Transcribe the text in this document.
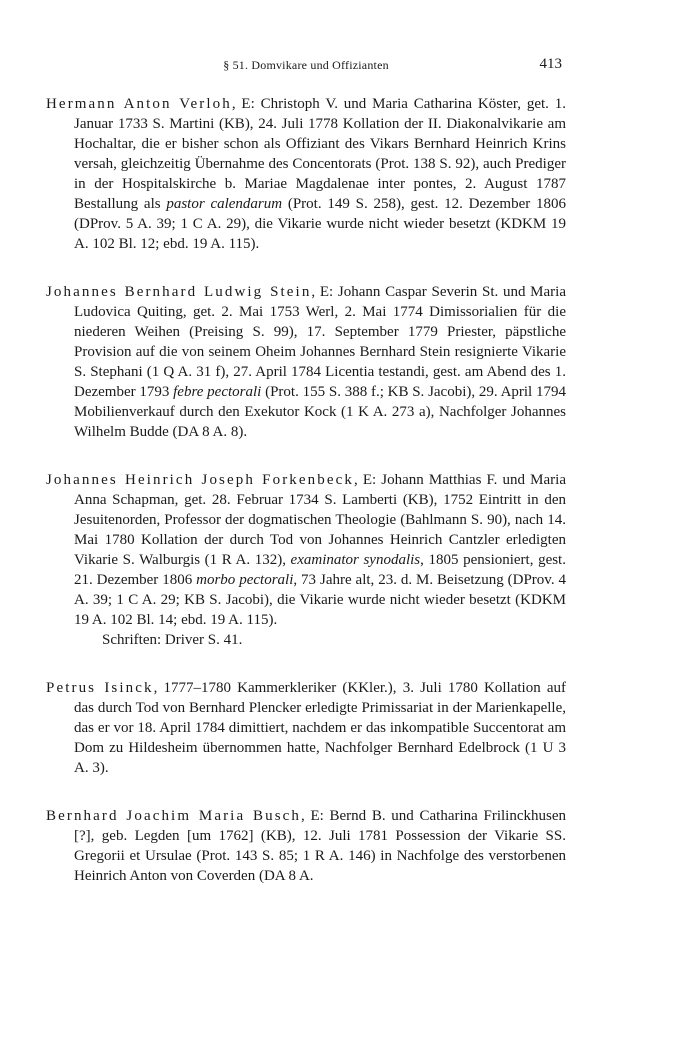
§ 51. Domvikare und Offizianten	413

Hermann Anton Verloh, E: Christoph V. und Maria Catharina Köster, get. 1. Januar 1733 S. Martini (KB), 24. Juli 1778 Kollation der II. Diakonalvikarie am Hochaltar, die er bisher schon als Offiziant des Vikars Bernhard Heinrich Krins versah, gleichzeitig Übernahme des Concentorats (Prot. 138 S. 92), auch Prediger in der Hospitalskirche b. Mariae Magdalenae inter pontes, 2. August 1787 Bestallung als pastor calendarum (Prot. 149 S. 258), gest. 12. Dezember 1806 (DProv. 5 A. 39; 1 C A. 29), die Vikarie wurde nicht wieder besetzt (KDKM 19 A. 102 Bl. 12; ebd. 19 A. 115).

Johannes Bernhard Ludwig Stein, E: Johann Caspar Severin St. und Maria Ludovica Quiting, get. 2. Mai 1753 Werl, 2. Mai 1774 Dimissorialien für die niederen Weihen (Preising S. 99), 17. September 1779 Priester, päpstliche Provision auf die von seinem Oheim Johannes Bernhard Stein resignierte Vikarie S. Stephani (1 Q A. 31 f), 27. April 1784 Licentia testandi, gest. am Abend des 1. Dezember 1793 febre pectorali (Prot. 155 S. 388 f.; KB S. Jacobi), 29. April 1794 Mobilienverkauf durch den Exekutor Kock (1 K A. 273 a), Nachfolger Johannes Wilhelm Budde (DA 8 A. 8).

Johannes Heinrich Joseph Forkenbeck, E: Johann Matthias F. und Maria Anna Schapman, get. 28. Februar 1734 S. Lamberti (KB), 1752 Eintritt in den Jesuitenorden, Professor der dogmatischen Theologie (Bahlmann S. 90), nach 14. Mai 1780 Kollation der durch Tod von Johannes Heinrich Cantzler erledigten Vikarie S. Walburgis (1 R A. 132), examinator synodalis, 1805 pensioniert, gest. 21. Dezember 1806 morbo pectorali, 73 Jahre alt, 23. d. M. Beisetzung (DProv. 4 A. 39; 1 C A. 29; KB S. Jacobi), die Vikarie wurde nicht wieder besetzt (KDKM 19 A. 102 Bl. 14; ebd. 19 A. 115).
Schriften: Driver S. 41.

Petrus Isinck, 1777–1780 Kammerkleriker (KKler.), 3. Juli 1780 Kollation auf das durch Tod von Bernhard Plencker erledigte Primissariat in der Marienkapelle, das er vor 18. April 1784 dimittiert, nachdem er das inkompatible Succentorat am Dom zu Hildesheim übernommen hatte, Nachfolger Bernhard Edelbrock (1 U 3 A. 3).

Bernhard Joachim Maria Busch, E: Bernd B. und Catharina Frilinckhusen [?], geb. Legden [um 1762] (KB), 12. Juli 1781 Possession der Vikarie SS. Gregorii et Ursulae (Prot. 143 S. 85; 1 R A. 146) in Nachfolge des verstorbenen Heinrich Anton von Coverden (DA 8 A.
